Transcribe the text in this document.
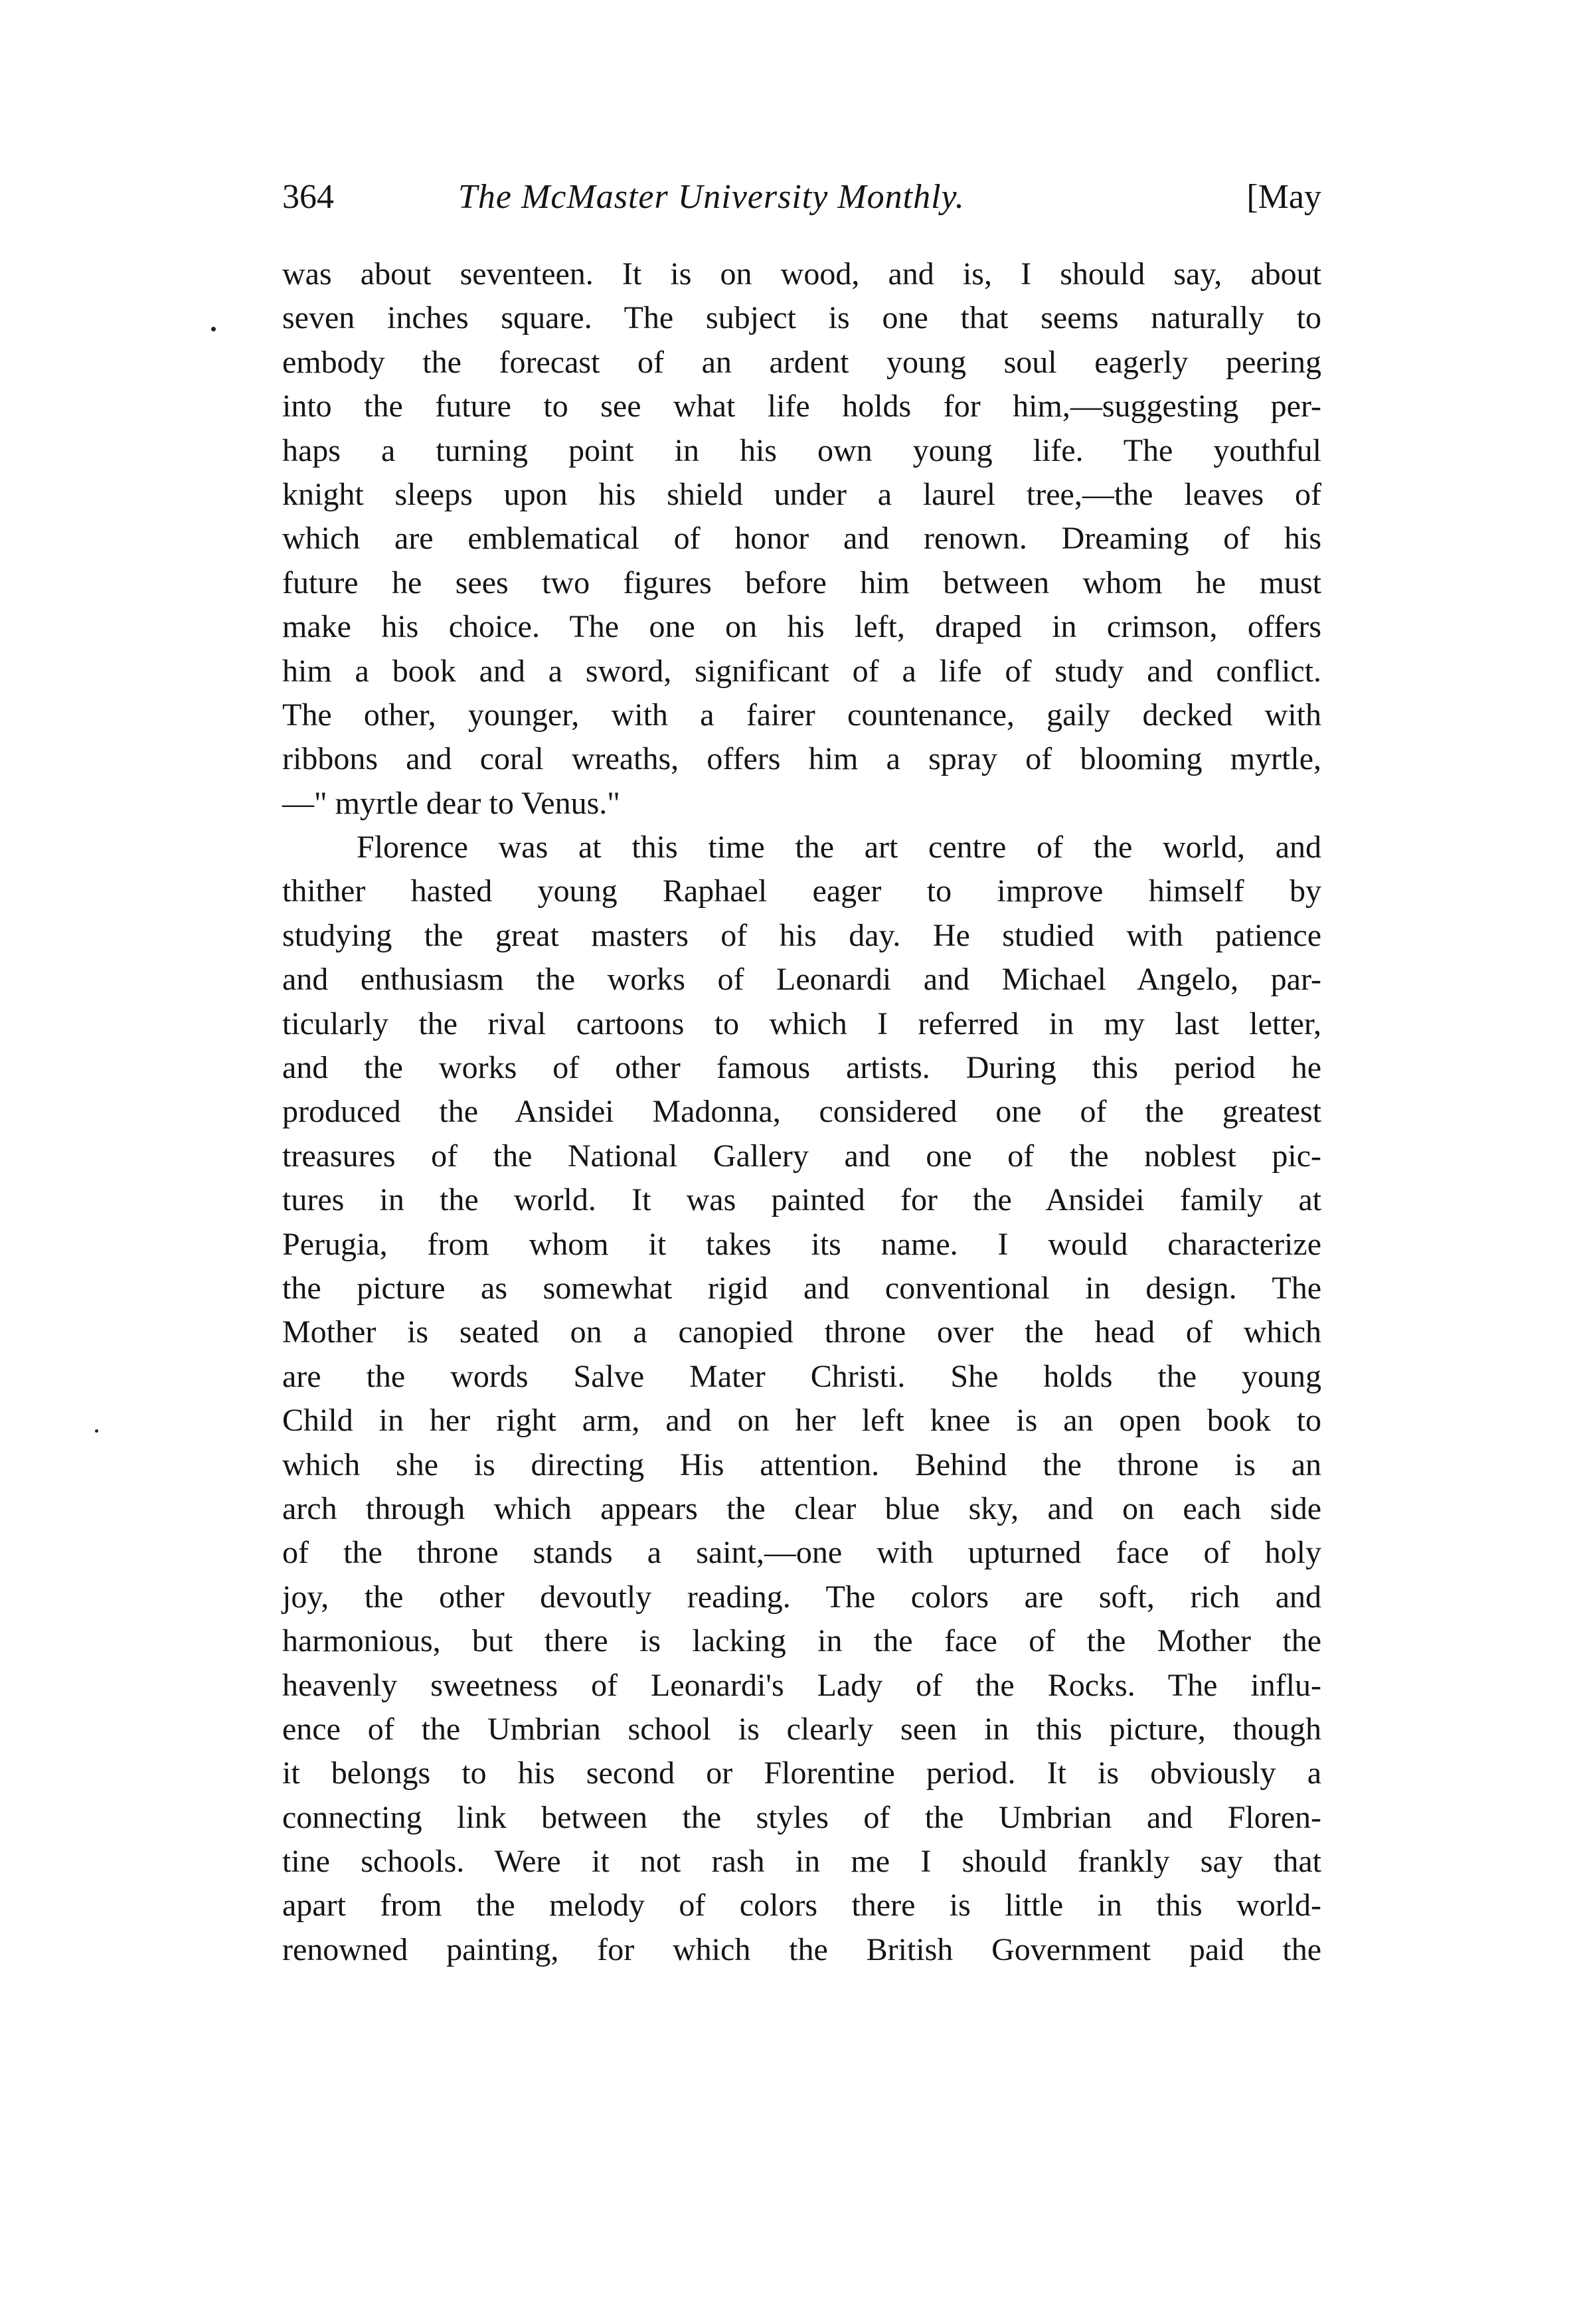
364	The McMaster University Monthly.	[May
was about seventeen. It is on wood, and is, I should say, about
seven inches square. The subject is one that seems naturally to
embody the forecast of an ardent young soul eagerly peering
into the future to see what life holds for him,—suggesting per-
haps a turning point in his own young life. The youthful
knight sleeps upon his shield under a laurel tree,—the leaves of
which are emblematical of honor and renown. Dreaming of his
future he sees two figures before him between whom he must
make his choice. The one on his left, draped in crimson, offers
him a book and a sword, significant of a life of study and conflict.
The other, younger, with a fairer countenance, gaily decked with
ribbons and coral wreaths, offers him a spray of blooming myrtle,
—" myrtle dear to Venus."
Florence was at this time the art centre of the world, and
thither hasted young Raphael eager to improve himself by
studying the great masters of his day. He studied with patience
and enthusiasm the works of Leonardi and Michael Angelo, par-
ticularly the rival cartoons to which I referred in my last letter,
and the works of other famous artists. During this period he
produced the Ansidei Madonna, considered one of the greatest
treasures of the National Gallery and one of the noblest pic-
tures in the world. It was painted for the Ansidei family at
Perugia, from whom it takes its name. I would characterize
the picture as somewhat rigid and conventional in design. The
Mother is seated on a canopied throne over the head of which
are the words Salve Mater Christi. She holds the young
Child in her right arm, and on her left knee is an open book to
which she is directing His attention. Behind the throne is an
arch through which appears the clear blue sky, and on each side
of the throne stands a saint,—one with upturned face of holy
joy, the other devoutly reading. The colors are soft, rich and
harmonious, but there is lacking in the face of the Mother the
heavenly sweetness of Leonardi's Lady of the Rocks. The influ-
ence of the Umbrian school is clearly seen in this picture, though
it belongs to his second or Florentine period. It is obviously a
connecting link between the styles of the Umbrian and Floren-
tine schools. Were it not rash in me I should frankly say that
apart from the melody of colors there is little in this world-
renowned painting, for which the British Government paid the
